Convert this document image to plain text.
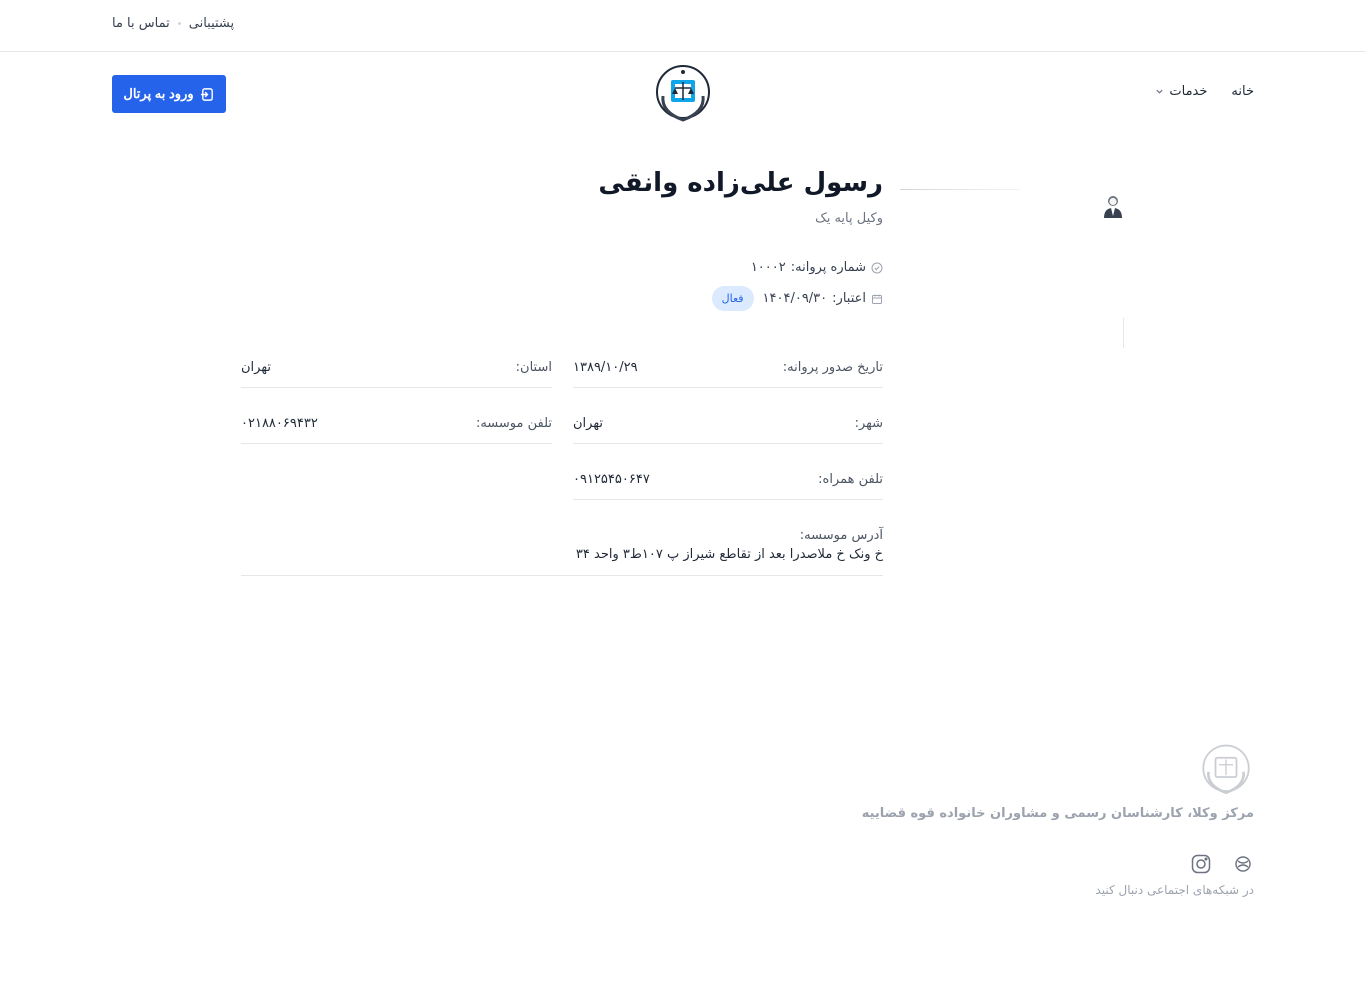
پشتیبانی
تماس با ما
ورود به پرتال	خانه
خدمات
رسول علی‌زاده وانقی
وکیل پایه یک
شماره پروانه:
۱۰۰۰۲
اعتبار:
۱۴۰۴/۰۹/۳۰
فعال
تاریخ صدور پروانه:
۱۳۸۹/۱۰/۲۹
استان:
تهران
شهر:
تهران
تلفن موسسه:
۰۲۱۸۸۰۶۹۴۳۲
تلفن همراه:
۰۹۱۲۵۴۵۰۶۴۷
آدرس موسسه:
خ ونک خ ملاصدرا بعد از تقاطع شیراز پ ۱۰۷ط۳ واحد ۳۴
مرکز وکلا، کارشناسان رسمی و مشاوران خانواده قوه قضاییه
در شبکه‌های اجتماعی دنبال کنید
